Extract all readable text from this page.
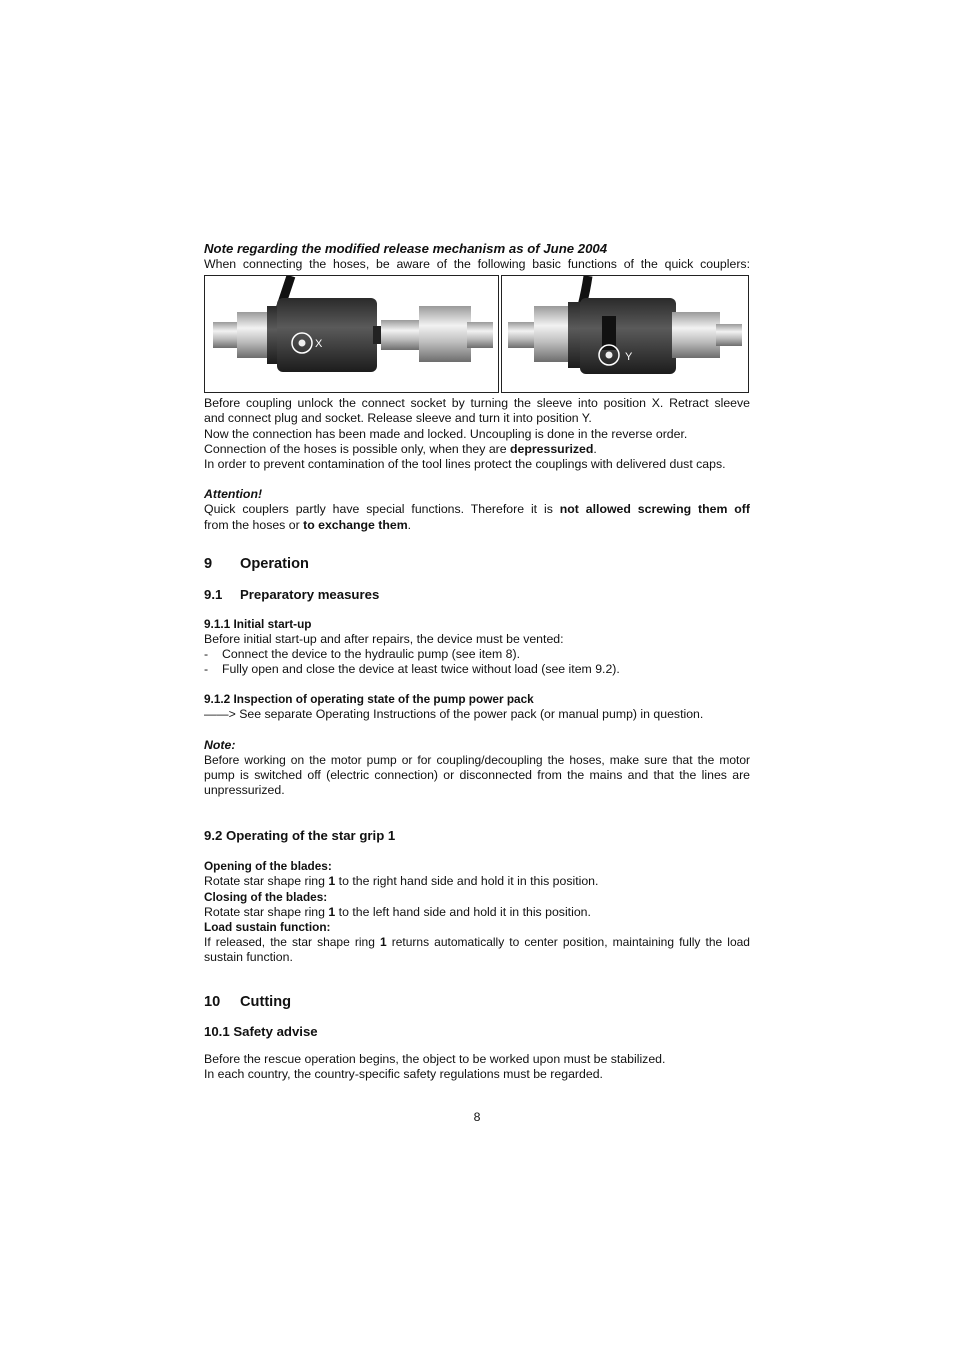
Note regarding the modified release mechanism as of June 2004

When connecting the hoses, be aware of the following basic functions of the quick couplers:

X
Y

Before coupling unlock the connect socket by turning the sleeve into position X. Retract sleeve

and connect plug and socket. Release sleeve and turn it into position Y.

Now the connection has been made and locked. Uncoupling is done in the reverse order.

Connection of the hoses is possible only, when they are depressurized.

In order to prevent contamination of the tool lines protect the couplings with delivered dust caps.

Attention!

Quick couplers partly have special functions. Therefore it is not allowed screwing them off

from the hoses or to exchange them.

9	Operation
9.1	Preparatory measures

9.1.1 Initial start-up

Before initial start-up and after repairs, the device must be vented:

-	Connect the device to the hydraulic pump (see item 8).
-	Fully open and close the device at least twice without load (see item 9.2).

9.1.2 Inspection of operating state of the pump power pack

——> See separate Operating Instructions of the power pack (or manual pump) in question.

Note:

Before working on the motor pump or for coupling/decoupling the hoses, make sure that the motor

pump is switched off (electric connection) or disconnected from the mains and that the lines are

unpressurized.

9.2 Operating of the star grip 1

Opening of the blades:

Rotate star shape ring 1 to the right hand side and hold it in this position.

Closing of the blades:

Rotate star shape ring 1 to the left hand side and hold it in this position.

Load sustain function:

If released, the star shape ring 1 returns automatically to center position, maintaining fully the load

sustain function.

10	Cutting

10.1 Safety advise

Before the rescue operation begins, the object to be worked upon must be stabilized.

In each country, the country-specific safety regulations must be regarded.

8
